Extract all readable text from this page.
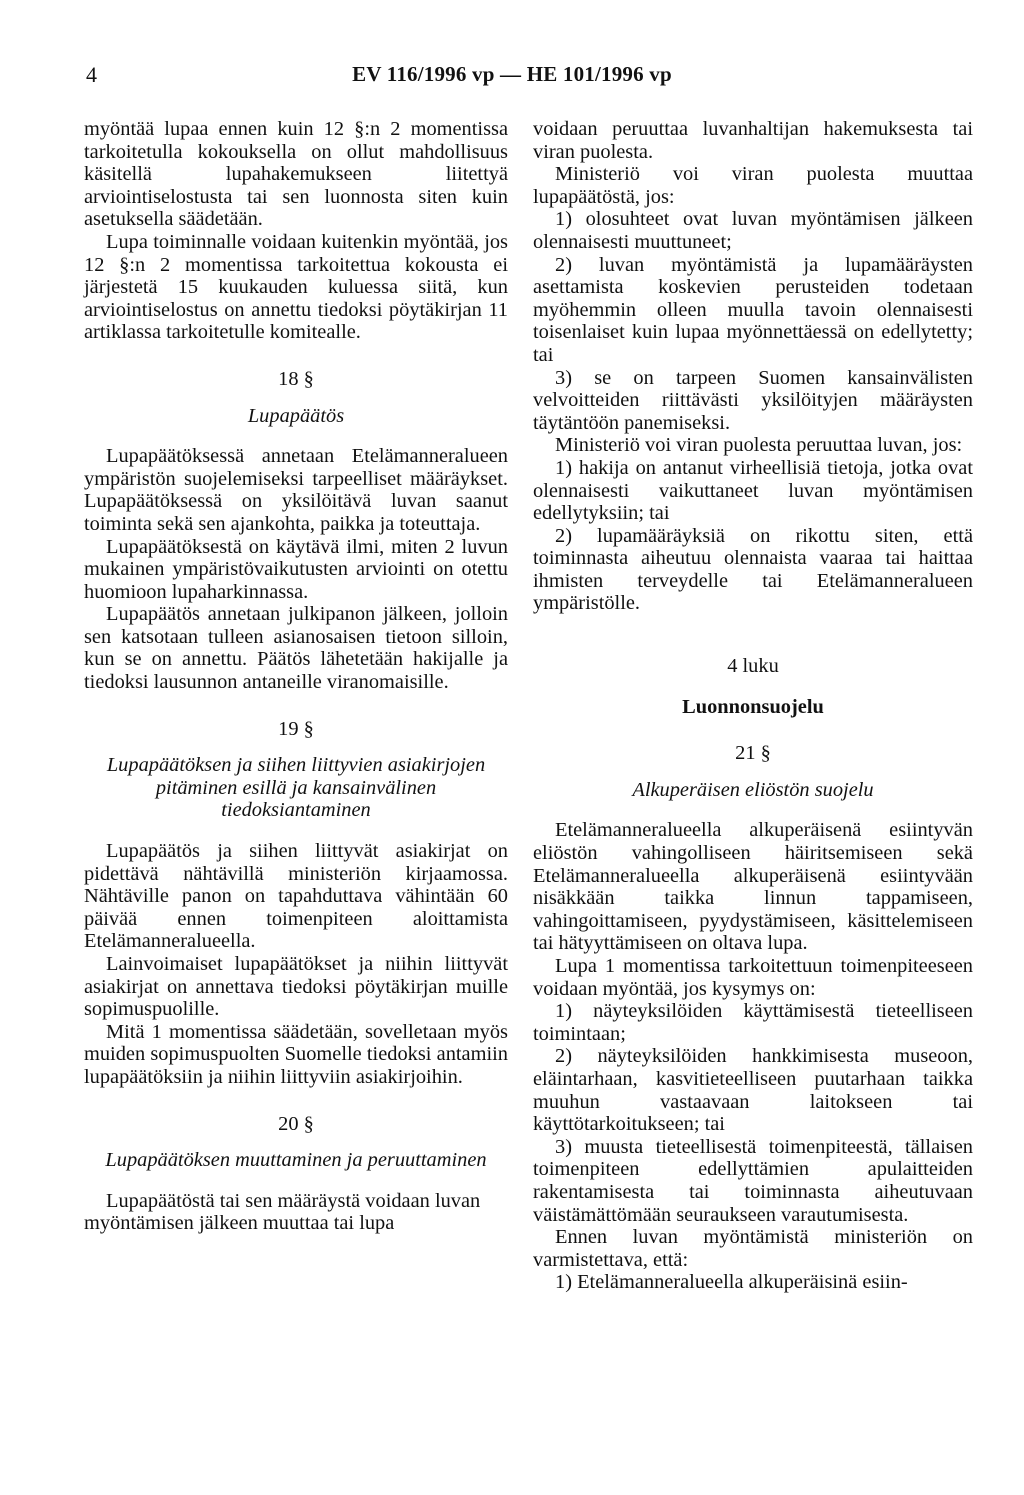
4	EV 116/1996 vp — HE 101/1996 vp

myöntää lupaa ennen kuin 12 §:n 2 momentissa tarkoitetulla kokouksella on ollut mahdollisuus käsitellä lupahakemukseen liitettyä arviointiselostusta tai sen luonnosta siten kuin asetuksella säädetään.

Lupa toiminnalle voidaan kuitenkin myöntää, jos 12 §:n 2 momentissa tarkoitettua kokousta ei järjestetä 15 kuukauden kuluessa siitä, kun arviointiselostus on annettu tiedoksi pöytäkirjan 11 artiklassa tarkoitetulle komitealle.

18 §
Lupapäätös

Lupapäätöksessä annetaan Etelämanneralueen ympäristön suojelemiseksi tarpeelliset määräykset. Lupapäätöksessä on yksilöitävä luvan saanut toiminta sekä sen ajankohta, paikka ja toteuttaja.

Lupapäätöksestä on käytävä ilmi, miten 2 luvun mukainen ympäristövaikutusten arviointi on otettu huomioon lupaharkinnassa.

Lupapäätös annetaan julkipanon jälkeen, jolloin sen katsotaan tulleen asianosaisen tietoon silloin, kun se on annettu. Päätös lähetetään hakijalle ja tiedoksi lausunnon antaneille viranomaisille.

19 §
Lupapäätöksen ja siihen liittyvien asiakirjojen pitäminen esillä ja kansainvälinen tiedoksiantaminen

Lupapäätös ja siihen liittyvät asiakirjat on pidettävä nähtävillä ministeriön kirjaamossa. Nähtäville panon on tapahduttava vähintään 60 päivää ennen toimenpiteen aloittamista Etelämanneralueella.

Lainvoimaiset lupapäätökset ja niihin liittyvät asiakirjat on annettava tiedoksi pöytäkirjan muille sopimuspuolille.

Mitä 1 momentissa säädetään, sovelletaan myös muiden sopimuspuolten Suomelle tiedoksi antamiin lupapäätöksiin ja niihin liittyviin asiakirjoihin.

20 §
Lupapäätöksen muuttaminen ja peruuttaminen

Lupapäätöstä tai sen määräystä voidaan luvan myöntämisen jälkeen muuttaa tai lupa

voidaan peruuttaa luvanhaltijan hakemuksesta tai viran puolesta.

Ministeriö voi viran puolesta muuttaa lupapäätöstä, jos:

1) olosuhteet ovat luvan myöntämisen jälkeen olennaisesti muuttuneet;

2) luvan myöntämistä ja lupamääräysten asettamista koskevien perusteiden todetaan myöhemmin olleen muulla tavoin olennaisesti toisenlaiset kuin lupaa myönnettäessä on edellytetty; tai

3) se on tarpeen Suomen kansainvälisten velvoitteiden riittävästi yksilöityjen määräysten täytäntöön panemiseksi.

Ministeriö voi viran puolesta peruuttaa luvan, jos:

1) hakija on antanut virheellisiä tietoja, jotka ovat olennaisesti vaikuttaneet luvan myöntämisen edellytyksiin; tai

2) lupamääräyksiä on rikottu siten, että toiminnasta aiheutuu olennaista vaaraa tai haittaa ihmisten terveydelle tai Etelämanneralueen ympäristölle.

4 luku
Luonnonsuojelu
21 §
Alkuperäisen eliöstön suojelu

Etelämanneralueella alkuperäisenä esiintyvän eliöstön vahingolliseen häiritsemiseen sekä Etelämanneralueella alkuperäisenä esiintyvään nisäkkään taikka linnun tappamiseen, vahingoittamiseen, pyydystämiseen, käsittelemiseen tai hätyyttämiseen on oltava lupa.

Lupa 1 momentissa tarkoitettuun toimenpiteeseen voidaan myöntää, jos kysymys on:

1) näyteyksilöiden käyttämisestä tieteelliseen toimintaan;

2) näyteyksilöiden hankkimisesta museoon, eläintarhaan, kasvitieteelliseen puutarhaan taikka muuhun vastaavaan laitokseen tai käyttötarkoitukseen; tai

3) muusta tieteellisestä toimenpiteestä, tällaisen toimenpiteen edellyttämien apulaitteiden rakentamisesta tai toiminnasta aiheutuvaan väistämättömään seuraukseen varautumisesta.

Ennen luvan myöntämistä ministeriön on varmistettava, että:

1) Etelämanneralueella alkuperäisinä esiin-
